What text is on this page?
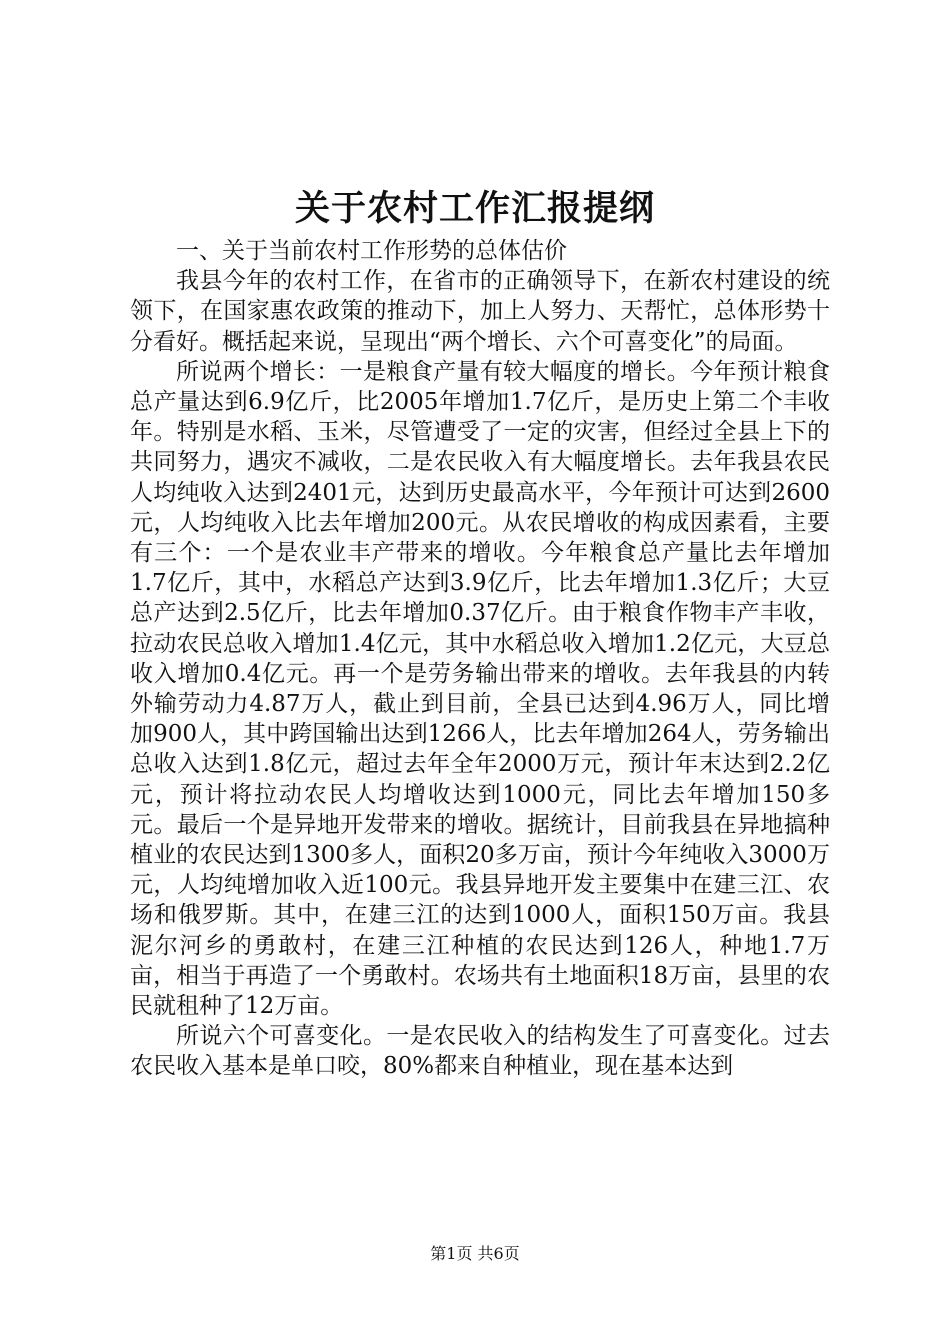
关于农村工作汇报提纲

一、关于当前农村工作形势的总体估价

我县今年的农村工作，在省市的正确领导下，在新农村建设的统领下，在国家惠农政策的推动下，加上人努力、天帮忙，总体形势十分看好。概括起来说，呈现出“两个增长、六个可喜变化”的局面。

所说两个增长：一是粮食产量有较大幅度的增长。今年预计粮食总产量达到6.9亿斤，比2005年增加1.7亿斤，是历史上第二个丰收年。特别是水稻、玉米，尽管遭受了一定的灾害，但经过全县上下的共同努力，遇灾不减收，二是农民收入有大幅度增长。去年我县农民人均纯收入达到2401元，达到历史最高水平，今年预计可达到2600元，人均纯收入比去年增加200元。从农民增收的构成因素看，主要有三个：一个是农业丰产带来的增收。今年粮食总产量比去年增加1.7亿斤，其中，水稻总产达到3.9亿斤，比去年增加1.3亿斤；大豆总产达到2.5亿斤，比去年增加0.37亿斤。由于粮食作物丰产丰收，拉动农民总收入增加1.4亿元，其中水稻总收入增加1.2亿元，大豆总收入增加0.4亿元。再一个是劳务输出带来的增收。去年我县的内转外输劳动力4.87万人，截止到目前，全县已达到4.96万人，同比增加900人，其中跨国输出达到1266人，比去年增加264人，劳务输出总收入达到1.8亿元，超过去年全年2000万元，预计年末达到2.2亿元，预计将拉动农民人均增收达到1000元，同比去年增加150多元。最后一个是异地开发带来的增收。据统计，目前我县在异地搞种植业的农民达到1300多人，面积20多万亩，预计今年纯收入3000万元，人均纯增加收入近100元。我县异地开发主要集中在建三江、农场和俄罗斯。其中，在建三江的达到1000人，面积150万亩。我县泥尔河乡的勇敢村，在建三江种植的农民达到126人，种地1.7万亩，相当于再造了一个勇敢村。农场共有土地面积18万亩，县里的农民就租种了12万亩。

所说六个可喜变化。一是农民收入的结构发生了可喜变化。过去农民收入基本是单口咬，80%都来自种植业，现在基本达到

第1页 共6页
